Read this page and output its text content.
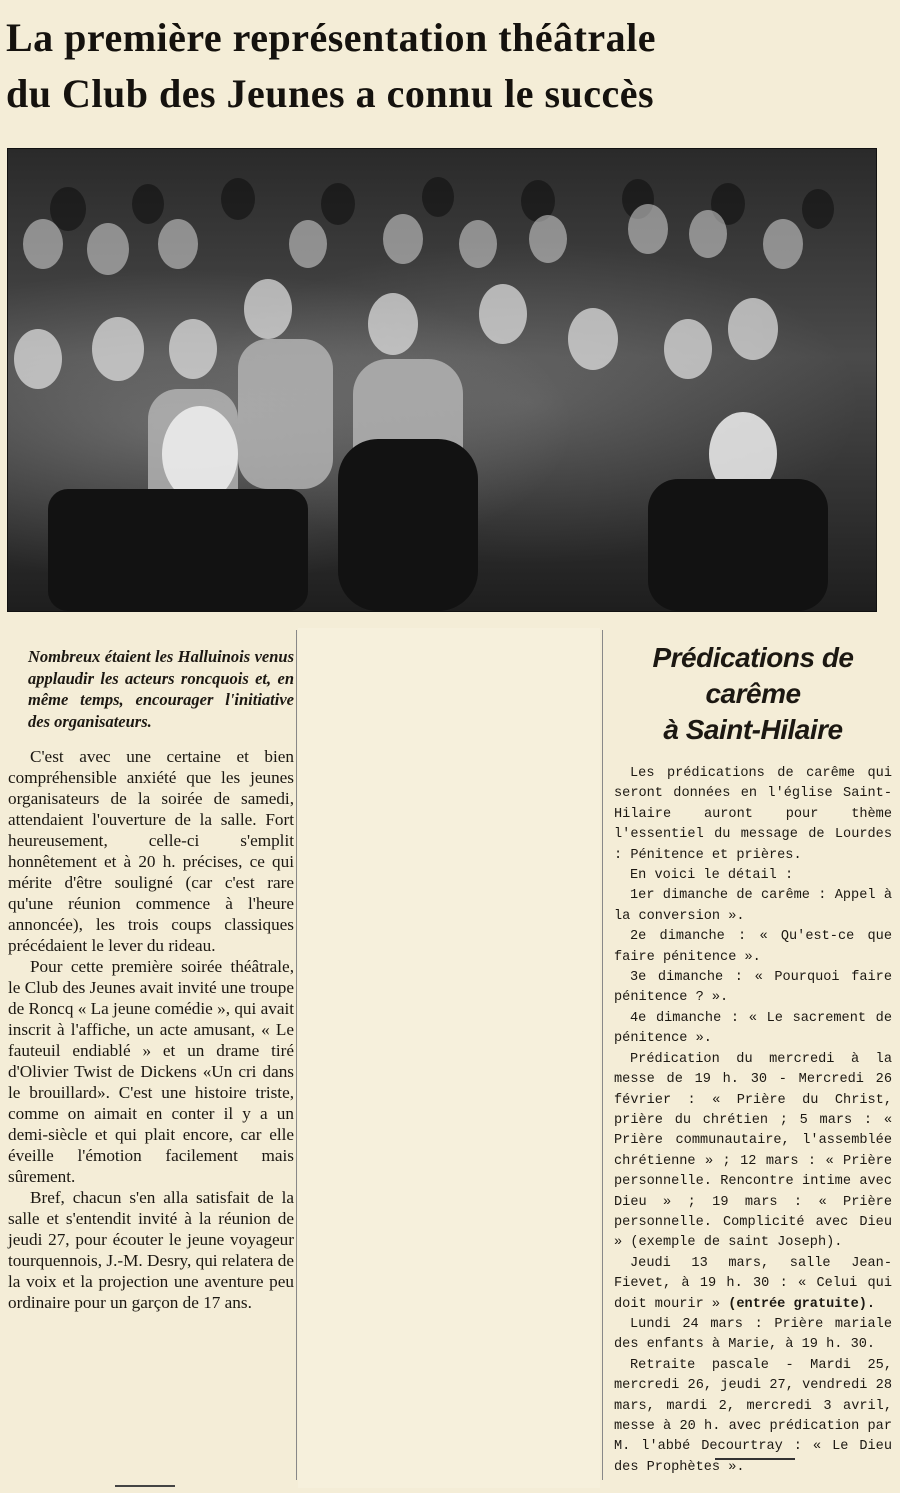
La première représentation théâtrale
du Club des Jeunes a connu le succès
Nombreux étaient les Halluinois venus applaudir les acteurs roncquois et, en même temps, encourager l'initiative des organisateurs.

C'est avec une certaine et bien compréhensible anxiété que les jeunes organisateurs de la soirée de samedi, attendaient l'ouverture de la salle. Fort heureusement, celle-ci s'emplit honnêtement et à 20 h. précises, ce qui mérite d'être souligné (car c'est rare qu'une réunion commence à l'heure annoncée), les trois coups classiques précédaient le lever du rideau.

Pour cette première soirée théâtrale, le Club des Jeunes avait invité une troupe de Roncq « La jeune comédie », qui avait inscrit à l'affiche, un acte amusant, « Le fauteuil endiablé » et un drame tiré d'Olivier Twist de Dickens «Un cri dans le brouillard». C'est une histoire triste, comme on aimait en conter il y a un demi-siècle et qui plait encore, car elle éveille l'émotion facilement mais sûrement.

Bref, chacun s'en alla satisfait de la salle et s'entendit invité à la réunion de jeudi 27, pour écouter le jeune voyageur tourquennois, J.-M. Desry, qui relatera de la voix et la projection une aventure peu ordinaire pour un garçon de 17 ans.

Prédications de carême
à Saint-Hilaire

Les prédications de carême qui seront données en l'église Saint-Hilaire auront pour thème l'essentiel du message de Lourdes : Pénitence et prières.

En voici le détail :

1er dimanche de carême : Appel à la conversion ».

2e dimanche : « Qu'est-ce que faire pénitence ».

3e dimanche : « Pourquoi faire pénitence ? ».

4e dimanche : « Le sacrement de pénitence ».

Prédication du mercredi à la messe de 19 h. 30 - Mercredi 26 février : « Prière du Christ, prière du chrétien ; 5 mars : « Prière communautaire, l'assemblée chrétienne » ; 12 mars : « Prière personnelle. Rencontre intime avec Dieu » ; 19 mars : « Prière personnelle. Complicité avec Dieu » (exemple de saint Joseph).

Jeudi 13 mars, salle Jean-Fievet, à 19 h. 30 : « Celui qui doit mourir » (entrée gratuite).

Lundi 24 mars : Prière mariale des enfants à Marie, à 19 h. 30.

Retraite pascale - Mardi 25, mercredi 26, jeudi 27, vendredi 28 mars, mardi 2, mercredi 3 avril, messe à 20 h. avec prédication par M. l'abbé Decourtray : « Le Dieu des Prophètes ».
